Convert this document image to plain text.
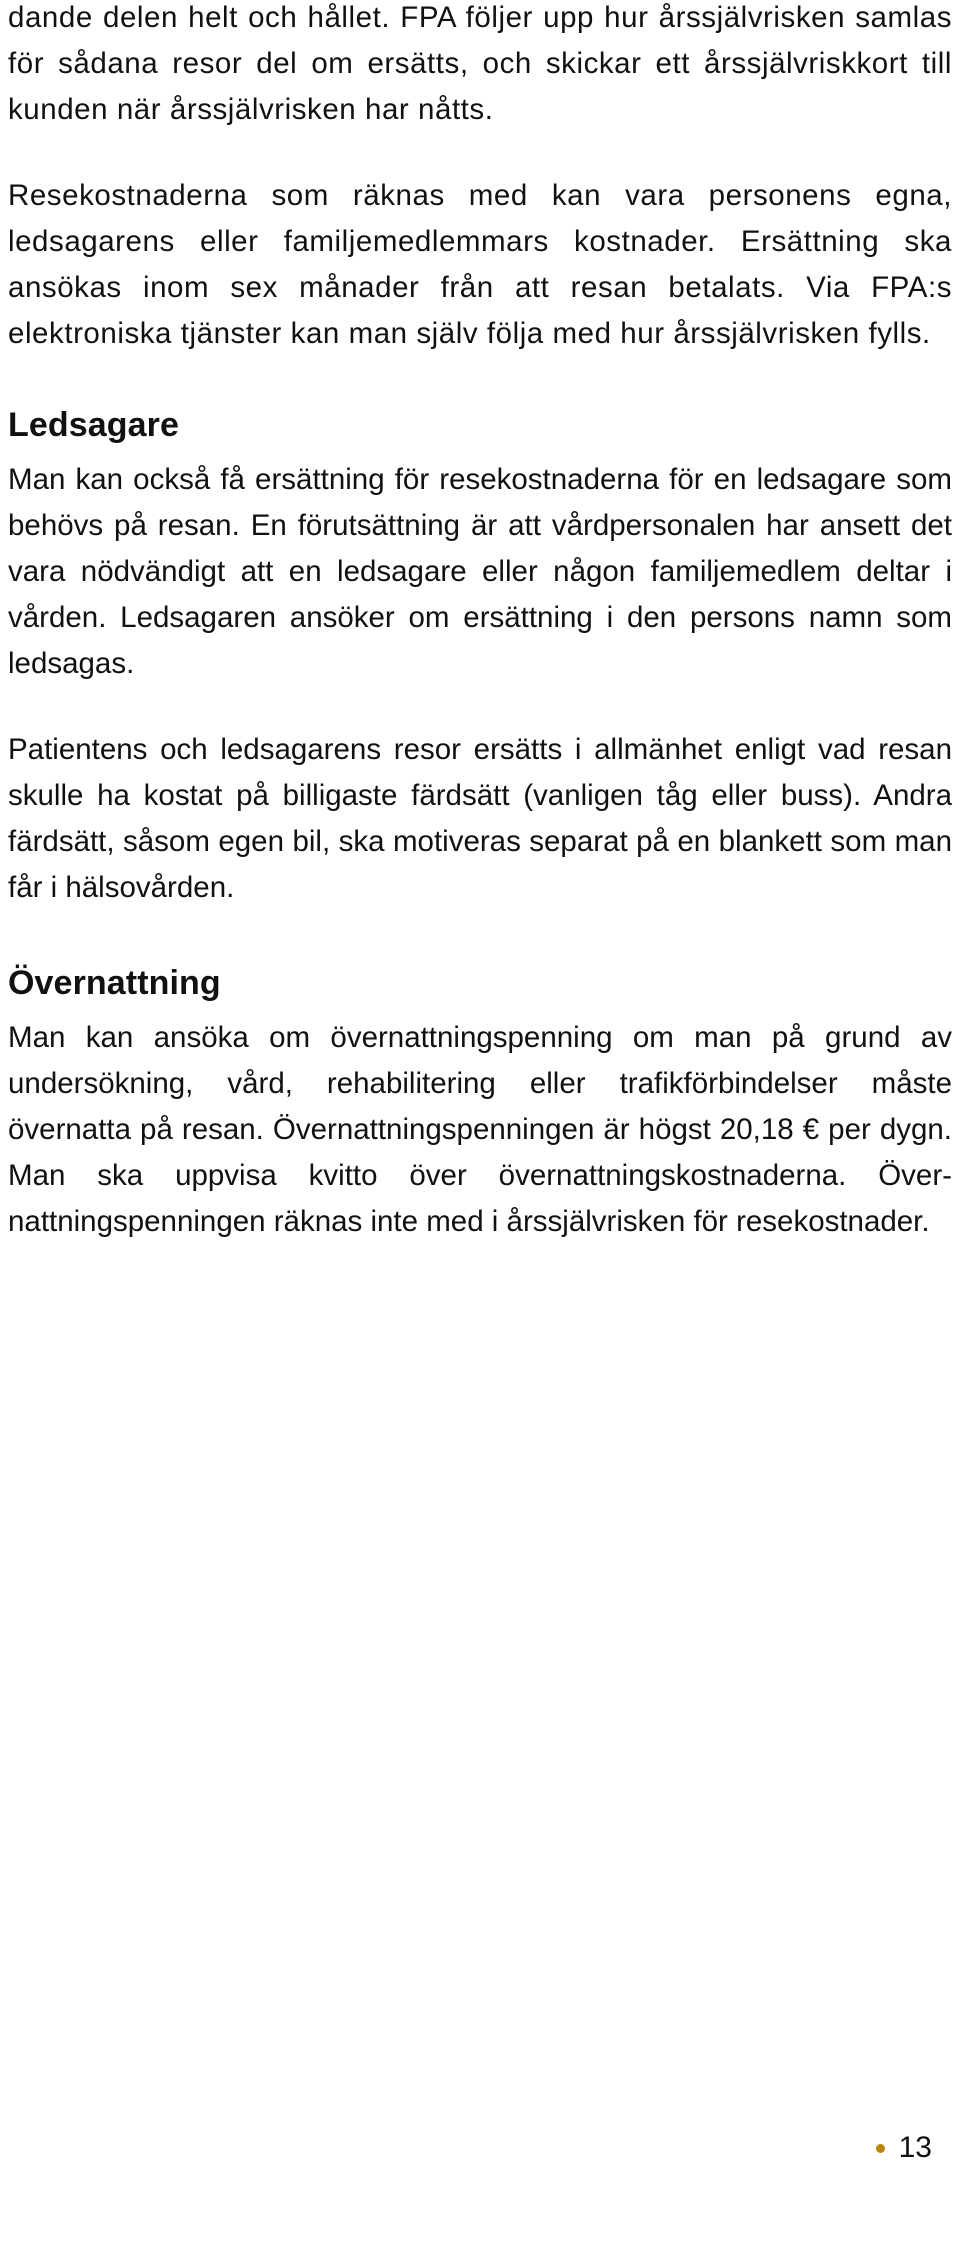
dande delen helt och hållet. FPA följer upp hur årssjälvrisken samlas för sådana resor del om ersätts, och skickar ett årssjälvriskkort till kunden när årssjälvrisken har nåtts.

Resekostnaderna som räknas med kan vara personens egna, ledsagarens eller familjemedlemmars kostnader. Ersättning ska ansökas inom sex månader från att resan betalats. Via FPA:s elektroniska tjänster kan man själv följa med hur årssjälvrisken fylls.

Ledsagare

Man kan också få ersättning för resekostnaderna för en ledsagare som behövs på resan. En förutsättning är att vårdpersonalen har ansett det vara nödvändigt att en ledsagare eller någon familjemedlem deltar i vården. Ledsagaren ansöker om ersättning i den persons namn som ledsagas.

Patientens och ledsagarens resor ersätts i allmänhet enligt vad resan skulle ha kostat på billigaste färdsätt (vanligen tåg eller buss). Andra färdsätt, såsom egen bil, ska motiveras separat på en blankett som man får i hälsovården.

Övernattning

Man kan ansöka om övernattningspenning om man på grund av undersökning, vård, rehabilitering eller trafikförbindelser måste övernatta på resan. Övernattningspenningen är högst 20,18 € per dygn. Man ska uppvisa kvitto över övernattningskostnaderna. Övernattningspenningen räknas inte med i årssjälvrisken för resekostnader.

13
